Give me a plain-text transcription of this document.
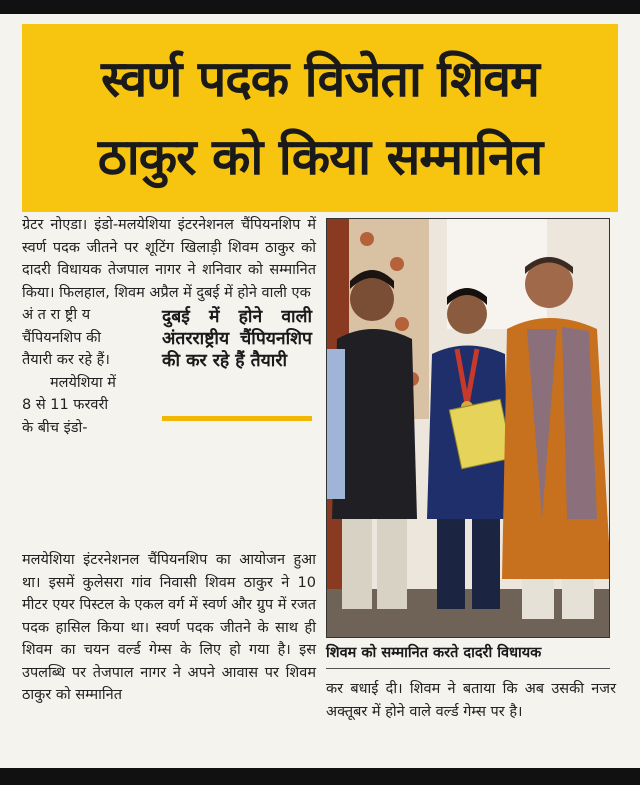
स्वर्ण पदक विजेता शिवम
ठाकुर को किया सम्मानित

ग्रेटर नोएडा। इंडो-मलयेशिया इंटरनेशनल चैंपियनशिप में स्वर्ण पदक जीतने पर शूटिंग खिलाड़ी शिवम ठाकुर को दादरी विधायक तेजपाल नागर ने शनिवार को सम्मानित किया। फिलहाल, शिवम अप्रैल में दुबई में होने वाली एक

अं त रा ष्ट्री य
चैंपियनशिप की
तैयारी कर रहे हैं।
मलयेशिया में
8 से 11 फरवरी
के बीच इंडो-
दुबई में होने वाली अंतरराष्ट्रीय चैंपियनशिप की कर रहे हैं तैयारी
मलयेशिया इंटरनेशनल चैंपियनशिप का आयोजन हुआ था। इसमें कुलेसरा गांव निवासी शिवम ठाकुर ने 10 मीटर एयर पिस्टल के एकल वर्ग में स्वर्ण और ग्रुप में रजत पदक हासिल किया था। स्वर्ण पदक जीतने के साथ ही शिवम का चयन वर्ल्ड गेम्स के लिए हो गया है। इस उपलब्धि पर तेजपाल नागर ने अपने आवास पर शिवम ठाकुर को सम्मानित
शिवम को सम्मानित करते दादरी विधायक
कर बधाई दी। शिवम ने बताया कि अब उसकी नजर अक्तूबर में होने वाले वर्ल्ड गेम्स पर है।
